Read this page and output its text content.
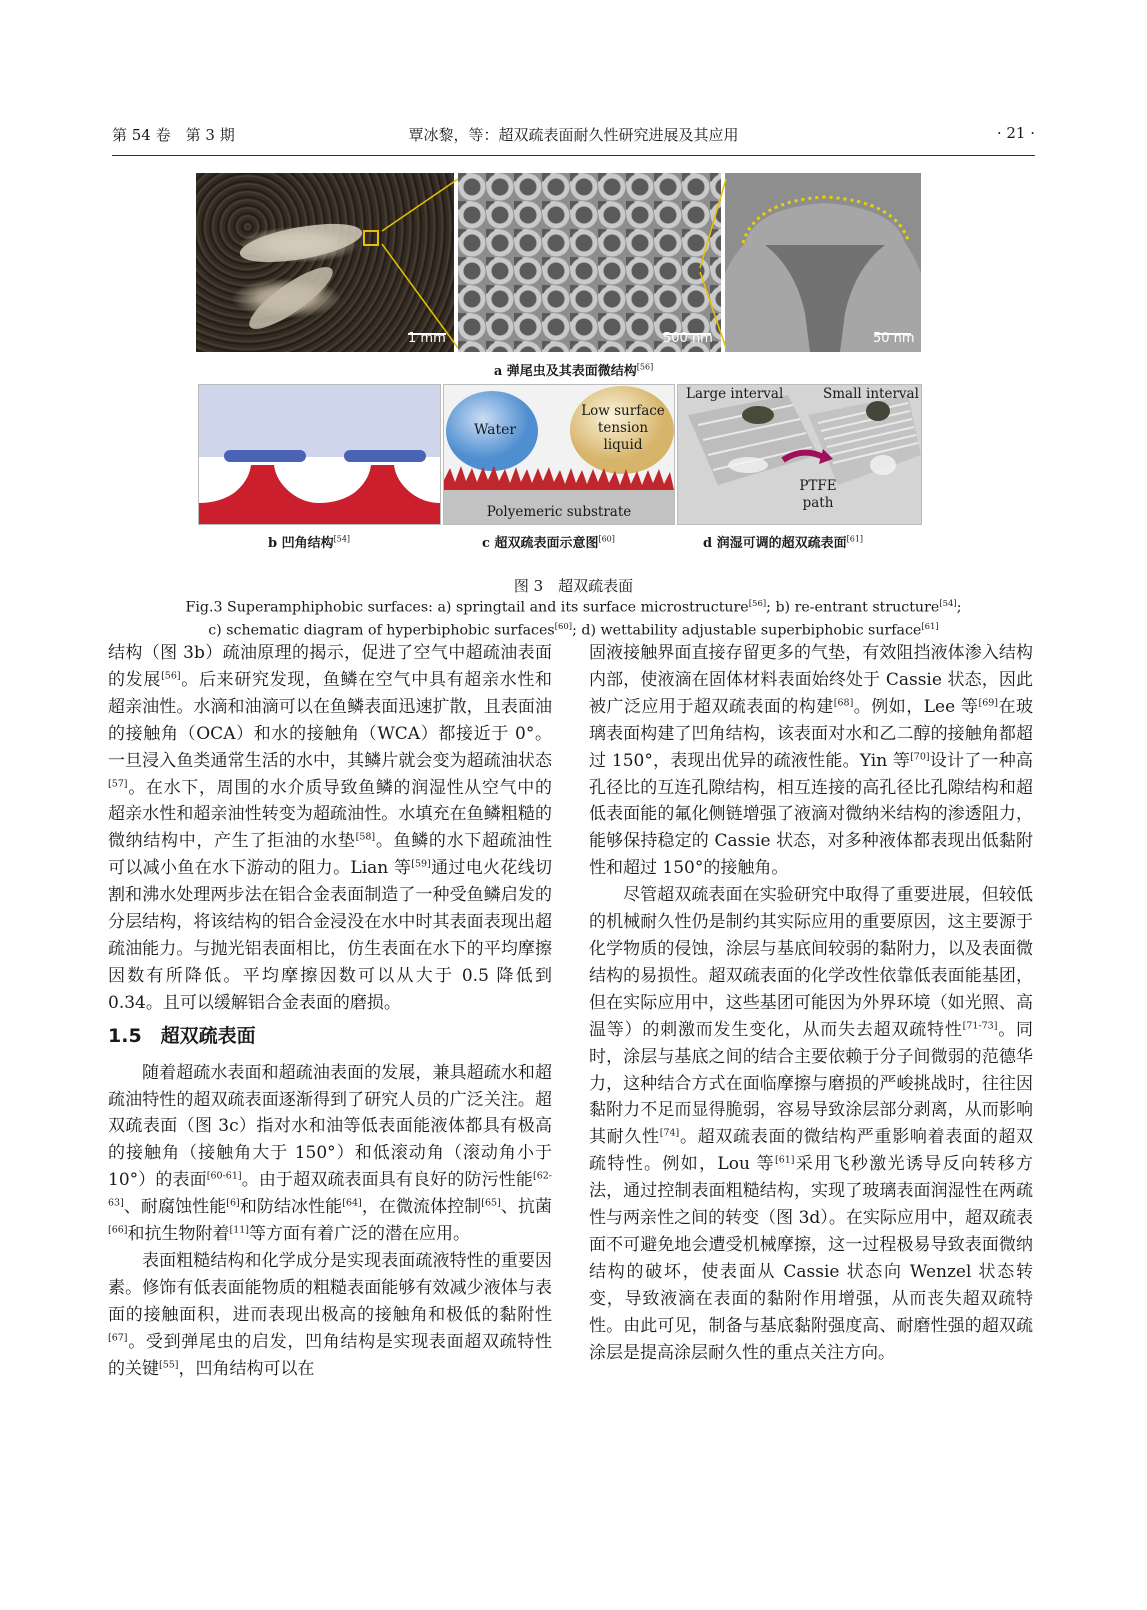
第 54 卷　第 3 期	覃冰黎，等：超双疏表面耐久性研究进展及其应用	· 21 ·
1 mm	500 nm	50 nm
a 弹尾虫及其表面微结构[56]
b 凹角结构[54]
Water
Low surface
tension
liquid
Polyemeric substrate
c 超双疏表面示意图[60]
Large interval	Small interval
PTFE
path
d 润湿可调的超双疏表面[61]
图 3　超双疏表面
Fig.3 Superamphiphobic surfaces: a) springtail and its surface microstructure[56]; b) re-entrant structure[54];
c) schematic diagram of hyperbiphobic surfaces[60]; d) wettability adjustable superbiphobic surface[61]

结构（图 3b）疏油原理的揭示，促进了空气中超疏油表面的发展[56]。后来研究发现，鱼鳞在空气中具有超亲水性和超亲油性。水滴和油滴可以在鱼鳞表面迅速扩散，且表面油的接触角（OCA）和水的接触角（WCA）都接近于 0°。一旦浸入鱼类通常生活的水中，其鳞片就会变为超疏油状态[57]。在水下，周围的水介质导致鱼鳞的润湿性从空气中的超亲水性和超亲油性转变为超疏油性。水填充在鱼鳞粗糙的微纳结构中，产生了拒油的水垫[58]。鱼鳞的水下超疏油性可以减小鱼在水下游动的阻力。Lian 等[59]通过电火花线切割和沸水处理两步法在铝合金表面制造了一种受鱼鳞启发的分层结构，将该结构的铝合金浸没在水中时其表面表现出超疏油能力。与抛光铝表面相比，仿生表面在水下的平均摩擦因数有所降低。平均摩擦因数可以从大于 0.5 降低到 0.34。且可以缓解铝合金表面的磨损。

1.5　超双疏表面

随着超疏水表面和超疏油表面的发展，兼具超疏水和超疏油特性的超双疏表面逐渐得到了研究人员的广泛关注。超双疏表面（图 3c）指对水和油等低表面能液体都具有极高的接触角（接触角大于 150°）和低滚动角（滚动角小于 10°）的表面[60-61]。由于超双疏表面具有良好的防污性能[62-63]、耐腐蚀性能[6]和防结冰性能[64]，在微流体控制[65]、抗菌[66]和抗生物附着[11]等方面有着广泛的潜在应用。

表面粗糙结构和化学成分是实现表面疏液特性的重要因素。修饰有低表面能物质的粗糙表面能够有效减少液体与表面的接触面积，进而表现出极高的接触角和极低的黏附性[67]。受到弹尾虫的启发，凹角结构是实现表面超双疏特性的关键[55]，凹角结构可以在

固液接触界面直接存留更多的气垫，有效阻挡液体渗入结构内部，使液滴在固体材料表面始终处于 Cassie 状态，因此被广泛应用于超双疏表面的构建[68]。例如，Lee 等[69]在玻璃表面构建了凹角结构，该表面对水和乙二醇的接触角都超过 150°，表现出优异的疏液性能。Yin 等[70]设计了一种高孔径比的互连孔隙结构，相互连接的高孔径比孔隙结构和超低表面能的氟化侧链增强了液滴对微纳米结构的渗透阻力，能够保持稳定的 Cassie 状态，对多种液体都表现出低黏附性和超过 150°的接触角。

尽管超双疏表面在实验研究中取得了重要进展，但较低的机械耐久性仍是制约其实际应用的重要原因，这主要源于化学物质的侵蚀，涂层与基底间较弱的黏附力，以及表面微结构的易损性。超双疏表面的化学改性依靠低表面能基团，但在实际应用中，这些基团可能因为外界环境（如光照、高温等）的刺激而发生变化，从而失去超双疏特性[71-73]。同时，涂层与基底之间的结合主要依赖于分子间微弱的范德华力，这种结合方式在面临摩擦与磨损的严峻挑战时，往往因黏附力不足而显得脆弱，容易导致涂层部分剥离，从而影响其耐久性[74]。超双疏表面的微结构严重影响着表面的超双疏特性。例如，Lou 等[61]采用飞秒激光诱导反向转移方法，通过控制表面粗糙结构，实现了玻璃表面润湿性在两疏性与两亲性之间的转变（图 3d）。在实际应用中，超双疏表面不可避免地会遭受机械摩擦，这一过程极易导致表面微纳结构的破坏，使表面从 Cassie 状态向 Wenzel 状态转变，导致液滴在表面的黏附作用增强，从而丧失超双疏特性。由此可见，制备与基底黏附强度高、耐磨性强的超双疏涂层是提高涂层耐久性的重点关注方向。
